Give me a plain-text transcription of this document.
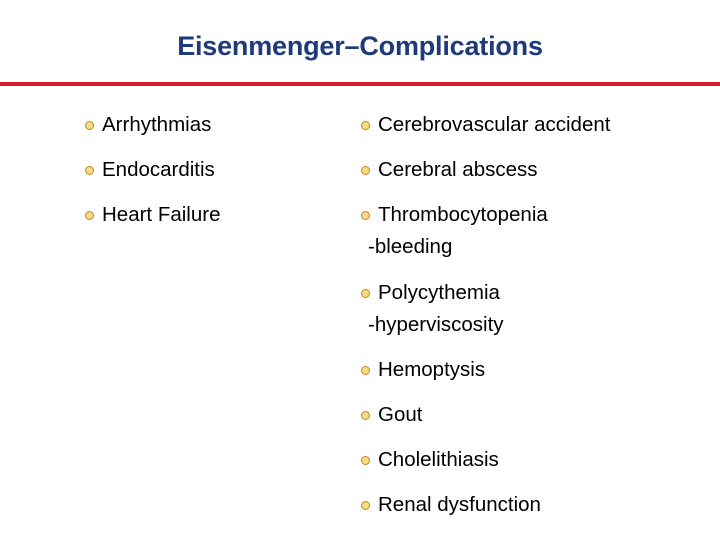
Eisenmenger–Complications
Arrhythmias
Endocarditis
Heart Failure
Cerebrovascular accident
Cerebral abscess
Thrombocytopenia
-bleeding
Polycythemia
-hyperviscosity
Hemoptysis
Gout
Cholelithiasis
Renal dysfunction
